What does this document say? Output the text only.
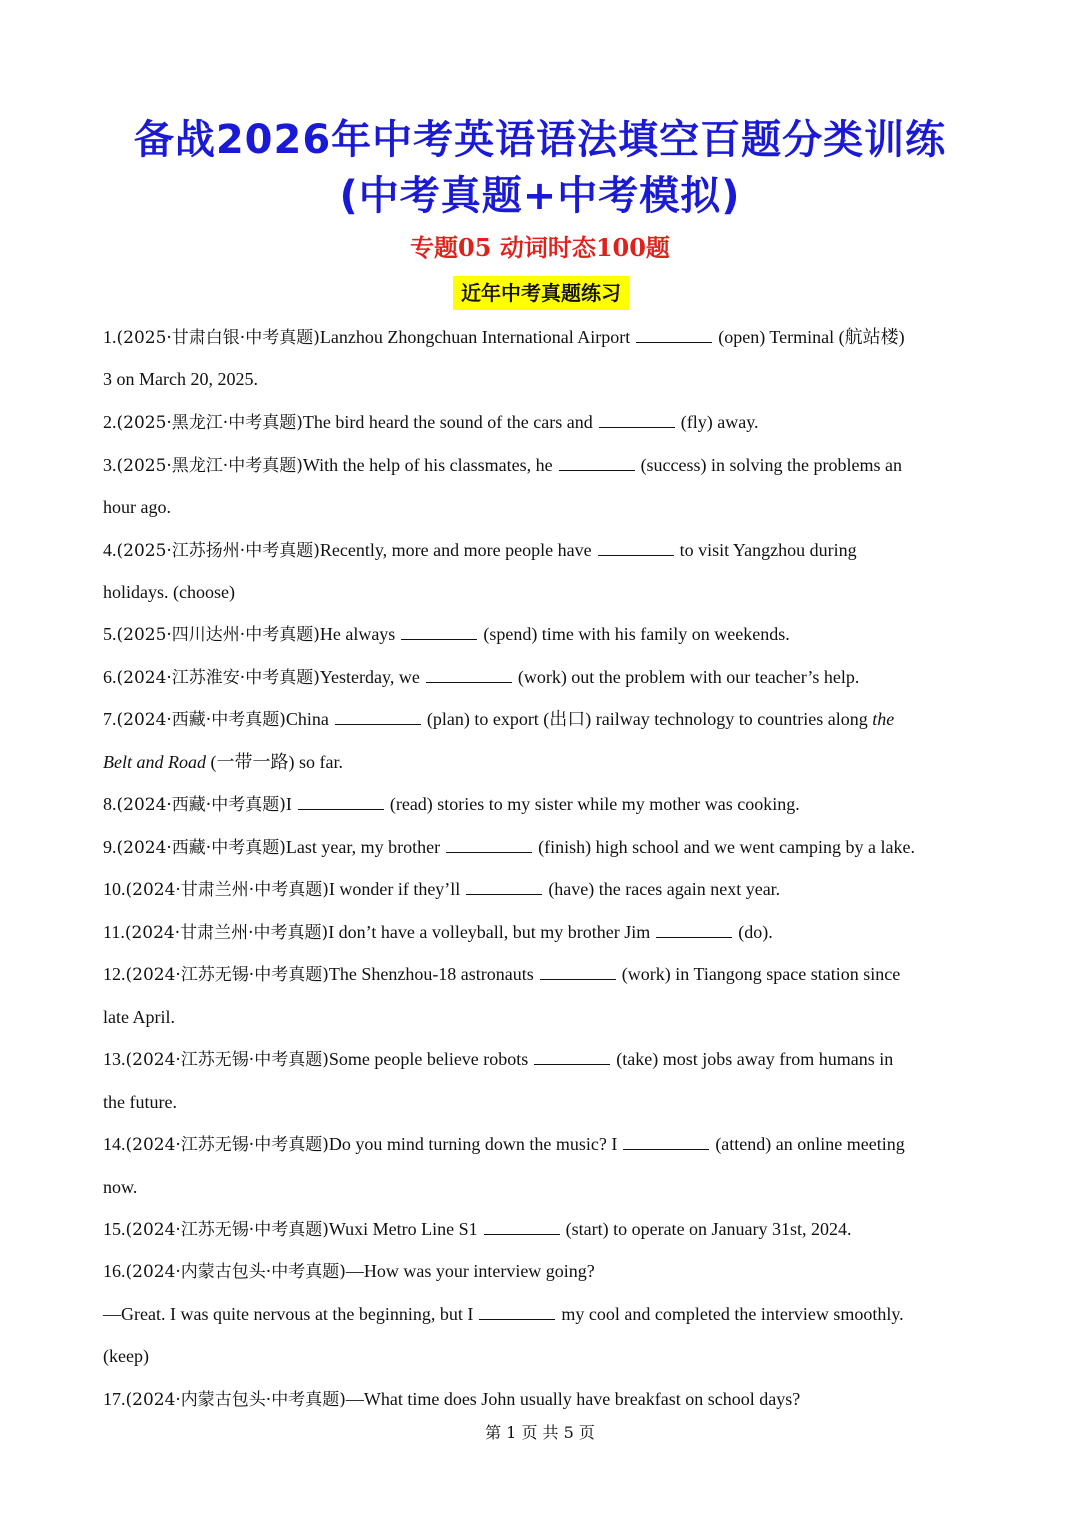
备战2026年中考英语语法填空百题分类训练
(中考真题+中考模拟)
专题05 动词时态100题
近年中考真题练习
1.(2025·甘肃白银·中考真题)Lanzhou Zhongchuan International Airport	(open) Terminal (航站楼)
3 on March 20, 2025.
2.(2025·黑龙江·中考真题)The bird heard the sound of the cars and	(fly) away.
3.(2025·黑龙江·中考真题)With the help of his classmates, he	(success) in solving the problems an
hour ago.
4.(2025·江苏扬州·中考真题)Recently, more and more people have	to visit Yangzhou during
holidays. (choose)
5.(2025·四川达州·中考真题)He always	(spend) time with his family on weekends.
6.(2024·江苏淮安·中考真题)Yesterday, we	(work) out the problem with our teacher’s help.
7.(2024·西藏·中考真题)China	(plan) to export (出口) railway technology to countries along the
Belt and Road (一带一路) so far.
8.(2024·西藏·中考真题)I	(read) stories to my sister while my mother was cooking.
9.(2024·西藏·中考真题)Last year, my brother	(finish) high school and we went camping by a lake.
10.(2024·甘肃兰州·中考真题)I wonder if they’ll	(have) the races again next year.
11.(2024·甘肃兰州·中考真题)I don’t have a volleyball, but my brother Jim	(do).
12.(2024·江苏无锡·中考真题)The Shenzhou-18 astronauts	(work) in Tiangong space station since
late April.
13.(2024·江苏无锡·中考真题)Some people believe robots	(take) most jobs away from humans in
the future.
14.(2024·江苏无锡·中考真题)Do you mind turning down the music? I	(attend) an online meeting
now.
15.(2024·江苏无锡·中考真题)Wuxi Metro Line S1	(start) to operate on January 31st, 2024.
16.(2024·内蒙古包头·中考真题)—How was your interview going?
—Great. I was quite nervous at the beginning, but I	my cool and completed the interview smoothly.
(keep)
17.(2024·内蒙古包头·中考真题)—What time does John usually have breakfast on school days?
第 1 页 共 5 页
